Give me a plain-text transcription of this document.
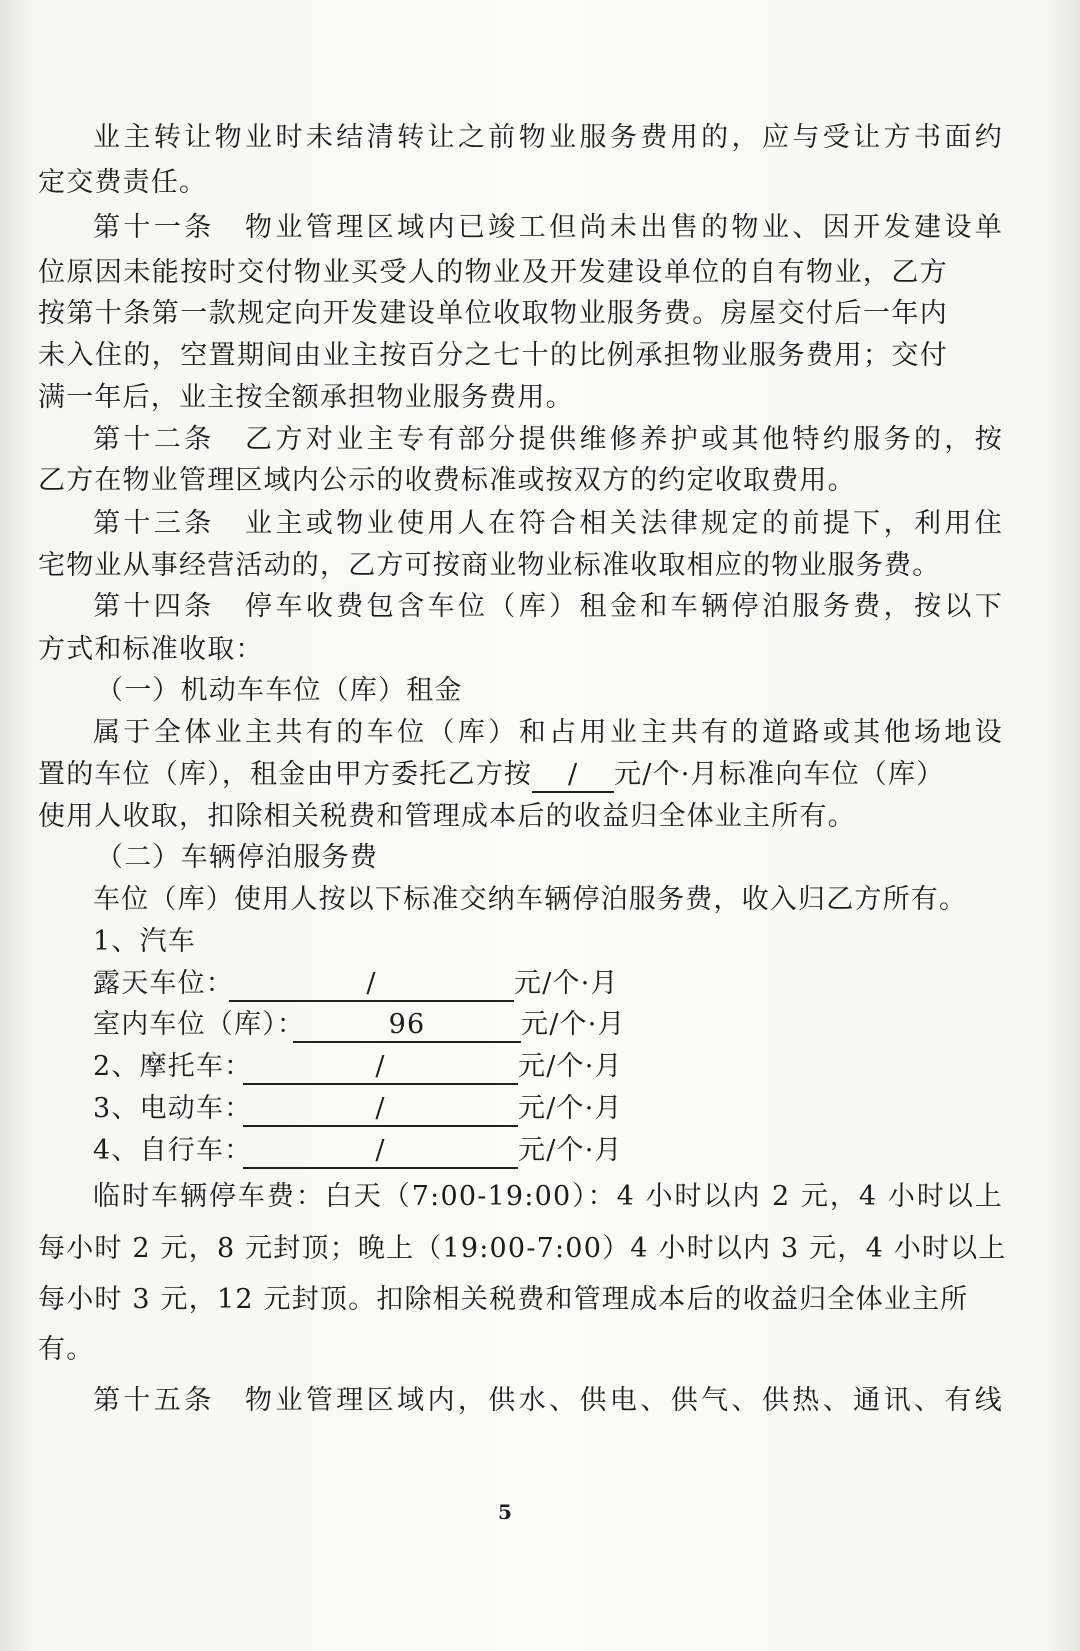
业主转让物业时未结清转让之前物业服务费用的，应与受让方书面约
定交费责任。
第十一条　物业管理区域内已竣工但尚未出售的物业、因开发建设单
位原因未能按时交付物业买受人的物业及开发建设单位的自有物业，乙方
按第十条第一款规定向开发建设单位收取物业服务费。房屋交付后一年内
未入住的，空置期间由业主按百分之七十的比例承担物业服务费用；交付
满一年后，业主按全额承担物业服务费用。
第十二条　乙方对业主专有部分提供维修养护或其他特约服务的，按
乙方在物业管理区域内公示的收费标准或按双方的约定收取费用。
第十三条　业主或物业使用人在符合相关法律规定的前提下，利用住
宅物业从事经营活动的，乙方可按商业物业标准收取相应的物业服务费。
第十四条　停车收费包含车位（库）租金和车辆停泊服务费，按以下
方式和标准收取：
（一）机动车车位（库）租金
属于全体业主共有的车位（库）和占用业主共有的道路或其他场地设
置的车位（库），租金由甲方委托乙方按 / 元/个·月标准向车位（库）
使用人收取，扣除相关税费和管理成本后的收益归全体业主所有。
（二）车辆停泊服务费
车位（库）使用人按以下标准交纳车辆停泊服务费，收入归乙方所有。
1、汽车
露天车位：	/	元/个·月
室内车位（库）：	96	元/个·月
2、摩托车：	/	元/个·月
3、电动车：	/	元/个·月
4、自行车：	/	元/个·月
临时车辆停车费：白天（7:00-19:00）：4 小时以内 2 元，4 小时以上
每小时 2 元，8 元封顶；晚上（19:00-7:00）4 小时以内 3 元，4 小时以上
每小时 3 元，12 元封顶。扣除相关税费和管理成本后的收益归全体业主所
有。
第十五条　物业管理区域内，供水、供电、供气、供热、通讯、有线
5
